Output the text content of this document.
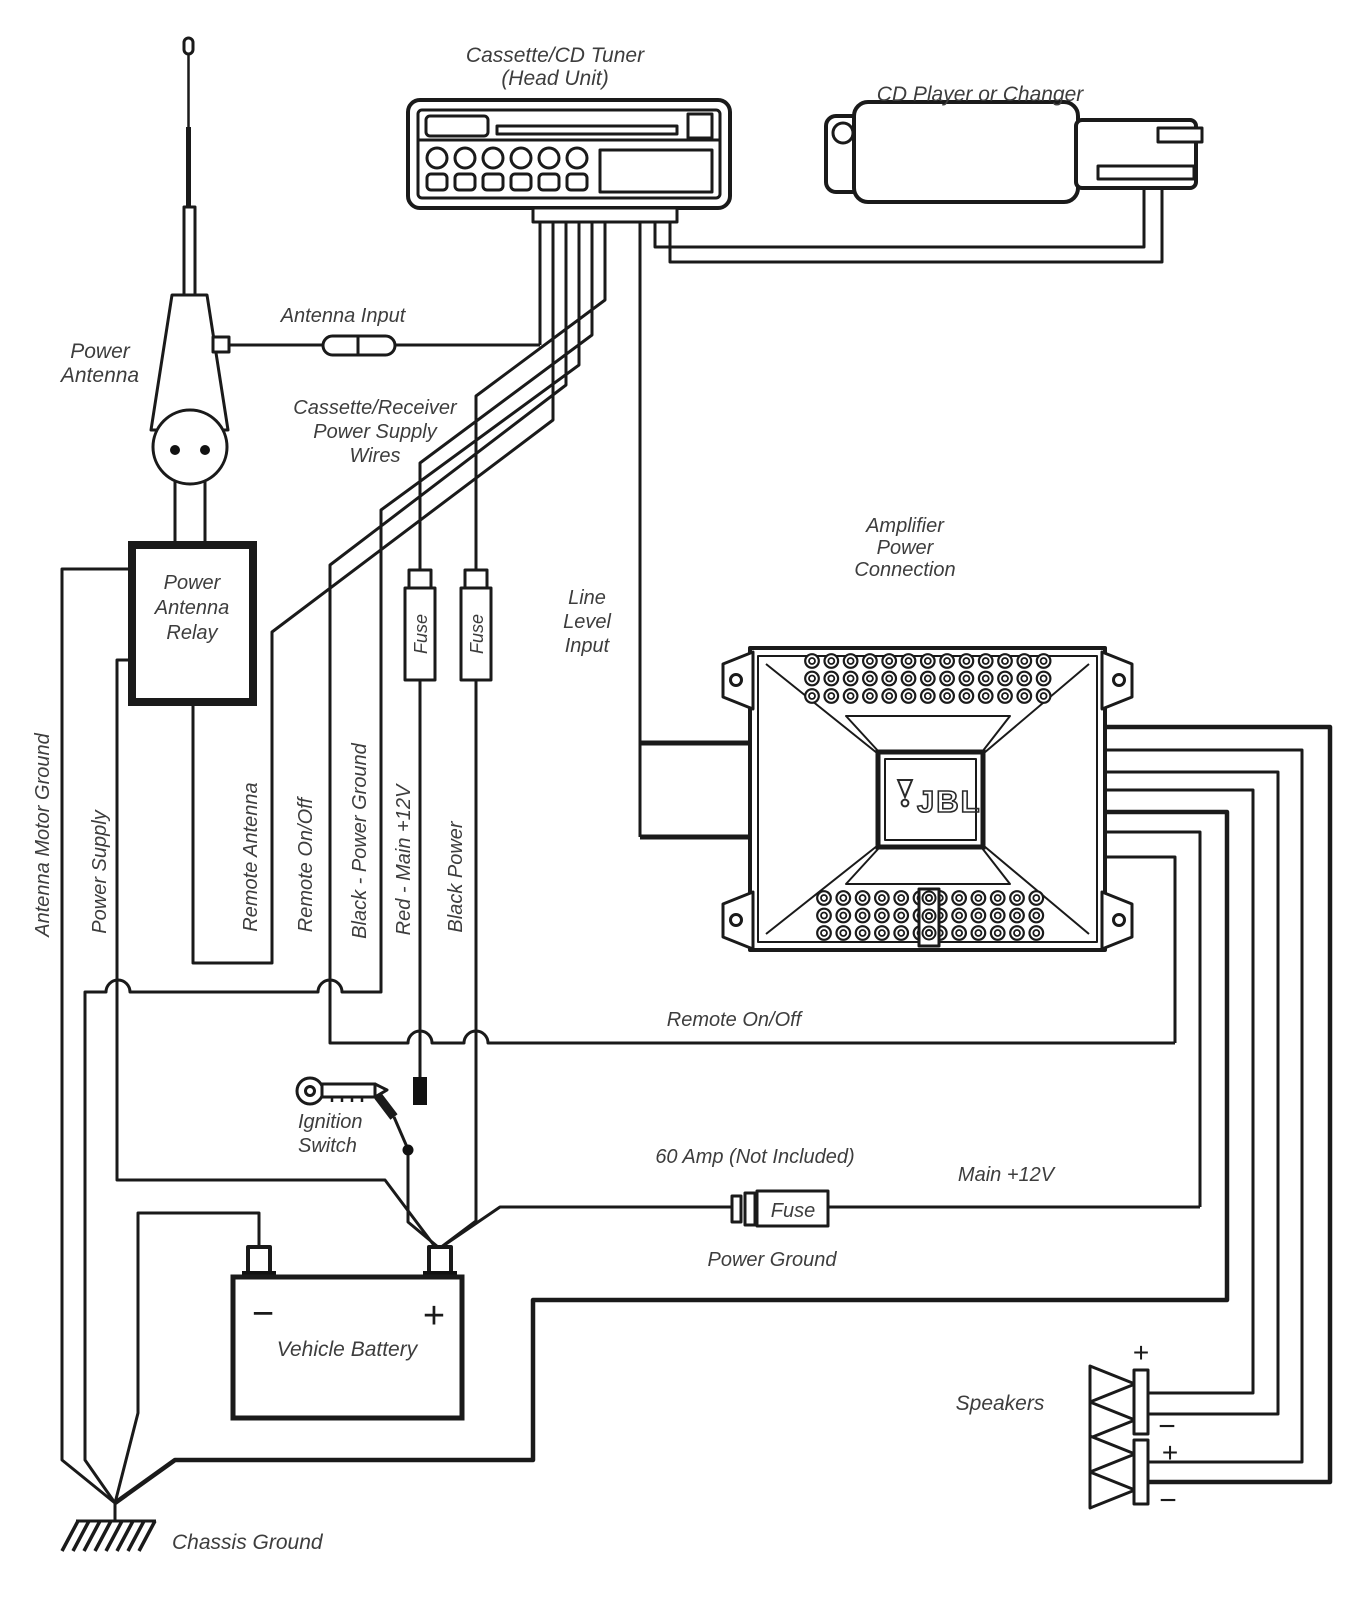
JBL
Cassette/CD Tuner
(Head Unit)
CD Player or Changer
Power
Antenna
Antenna Input
Cassette/Receiver
Power Supply
Wires
Power
Antenna
Relay
Antenna Motor Ground Power Supply	Remote Antenna Remote On/Off Black - Power Ground Red - Main +12V Black Power
Fuse Fuse
Line
Level
Input
Amplifier
Power
Connection
Remote On/Off
Ignition
Switch	60 Amp (Not Included)
Fuse
Main +12V
Power Ground
Vehicle Battery
−	+
Speakers
+
−
+
−
Chassis Ground
